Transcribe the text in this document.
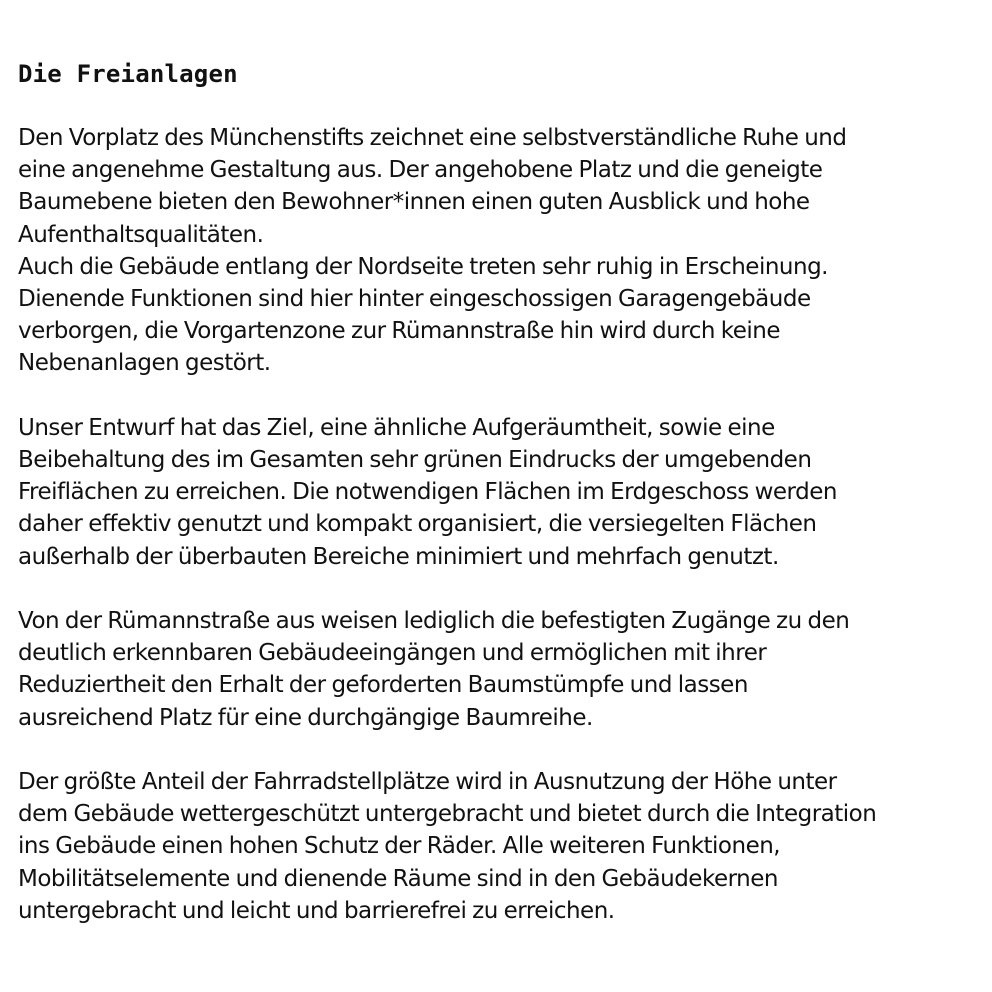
Die Freianlagen
Den Vorplatz des Münchenstifts zeichnet eine selbstverständliche Ruhe und
eine angenehme Gestaltung aus. Der angehobene Platz und die geneigte
Baumebene bieten den Bewohner*innen einen guten Ausblick und hohe
Aufenthaltsqualitäten.
Auch die Gebäude entlang der Nordseite treten sehr ruhig in Erscheinung.
Dienende Funktionen sind hier hinter eingeschossigen Garagengebäude
verborgen, die Vorgartenzone zur Rümannstraße hin wird durch keine
Nebenanlagen gestört.
Unser Entwurf hat das Ziel, eine ähnliche Aufgeräumtheit, sowie eine
Beibehaltung des im Gesamten sehr grünen Eindrucks der umgebenden
Freiflächen zu erreichen. Die notwendigen Flächen im Erdgeschoss werden
daher effektiv genutzt und kompakt organisiert, die versiegelten Flächen
außerhalb der überbauten Bereiche minimiert und mehrfach genutzt.
Von der Rümannstraße aus weisen lediglich die befestigten Zugänge zu den
deutlich erkennbaren Gebäudeeingängen und ermöglichen mit ihrer
Reduziertheit den Erhalt der geforderten Baumstümpfe und lassen
ausreichend Platz für eine durchgängige Baumreihe.
Der größte Anteil der Fahrradstellplätze wird in Ausnutzung der Höhe unter
dem Gebäude wettergeschützt untergebracht und bietet durch die Integration
ins Gebäude einen hohen Schutz der Räder. Alle weiteren Funktionen,
Mobilitätselemente und dienende Räume sind in den Gebäudekernen
untergebracht und leicht und barrierefrei zu erreichen.
